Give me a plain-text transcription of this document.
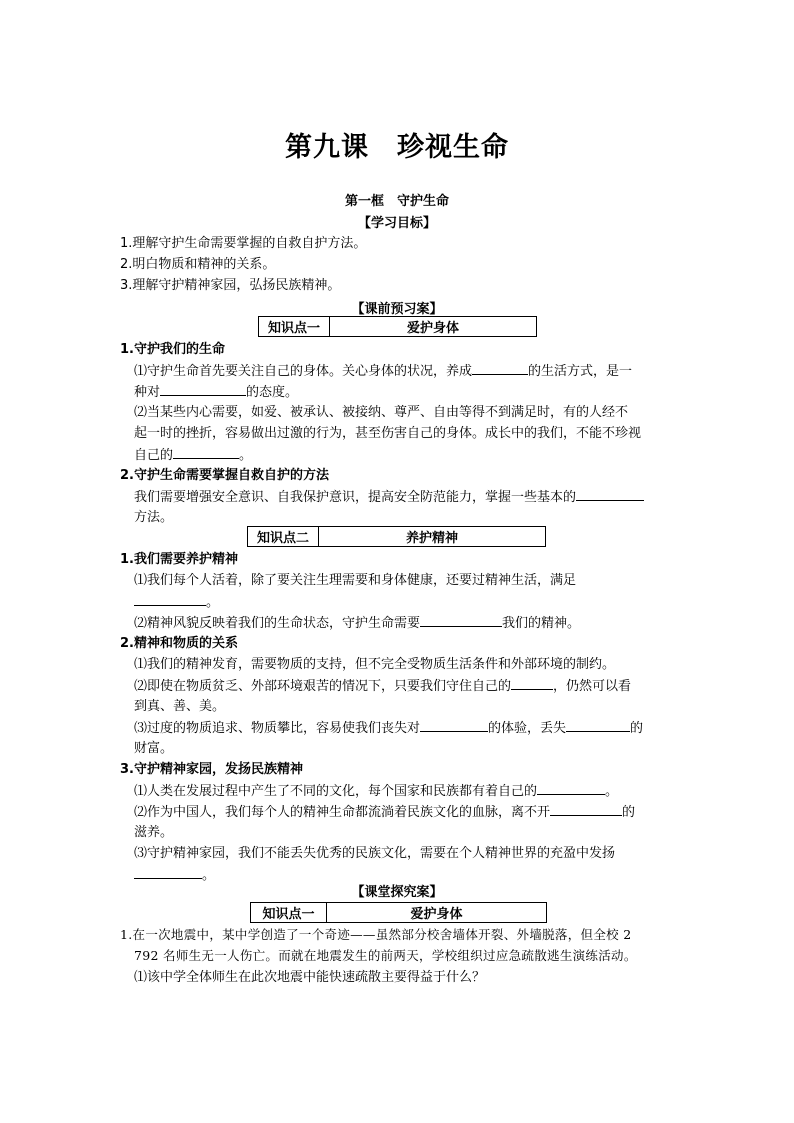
第九课　珍视生命
第一框　守护生命
【学习目标】
1.理解守护生命需要掌握的自救自护方法。
2.明白物质和精神的关系。
3.理解守护精神家园，弘扬民族精神。
【课前预习案】
知识点一	爱护身体
1.守护我们的生命
⑴守护生命首先要关注自己的身体。关心身体的状况，养成	的生活方式，是一
种对	的态度。
⑵当某些内心需要，如爱、被承认、被接纳、尊严、自由等得不到满足时，有的人经不
起一时的挫折，容易做出过激的行为，甚至伤害自己的身体。成长中的我们，不能不珍视
自己的	。
2.守护生命需要掌握自救自护的方法
我们需要增强安全意识、自我保护意识，提高安全防范能力，掌握一些基本的
方法。
知识点二	养护精神
1.我们需要养护精神
⑴我们每个人活着，除了要关注生理需要和身体健康，还要过精神生活，满足
。
⑵精神风貌反映着我们的生命状态，守护生命需要	我们的精神。
2.精神和物质的关系
⑴我们的精神发育，需要物质的支持，但不完全受物质生活条件和外部环境的制约。
⑵即使在物质贫乏、外部环境艰苦的情况下，只要我们守住自己的	，仍然可以看
到真、善、美。
⑶过度的物质追求、物质攀比，容易使我们丧失对	的体验，丢失	的
财富。
3.守护精神家园，发扬民族精神
⑴人类在发展过程中产生了不同的文化，每个国家和民族都有着自己的	。
⑵作为中国人，我们每个人的精神生命都流淌着民族文化的血脉，离不开	的
滋养。
⑶守护精神家园，我们不能丢失优秀的民族文化，需要在个人精神世界的充盈中发扬
。
【课堂探究案】
知识点一	爱护身体
1.在一次地震中，某中学创造了一个奇迹——虽然部分校舍墙体开裂、外墙脱落，但全校 2
792 名师生无一人伤亡。而就在地震发生的前两天，学校组织过应急疏散逃生演练活动。
⑴该中学全体师生在此次地震中能快速疏散主要得益于什么？
